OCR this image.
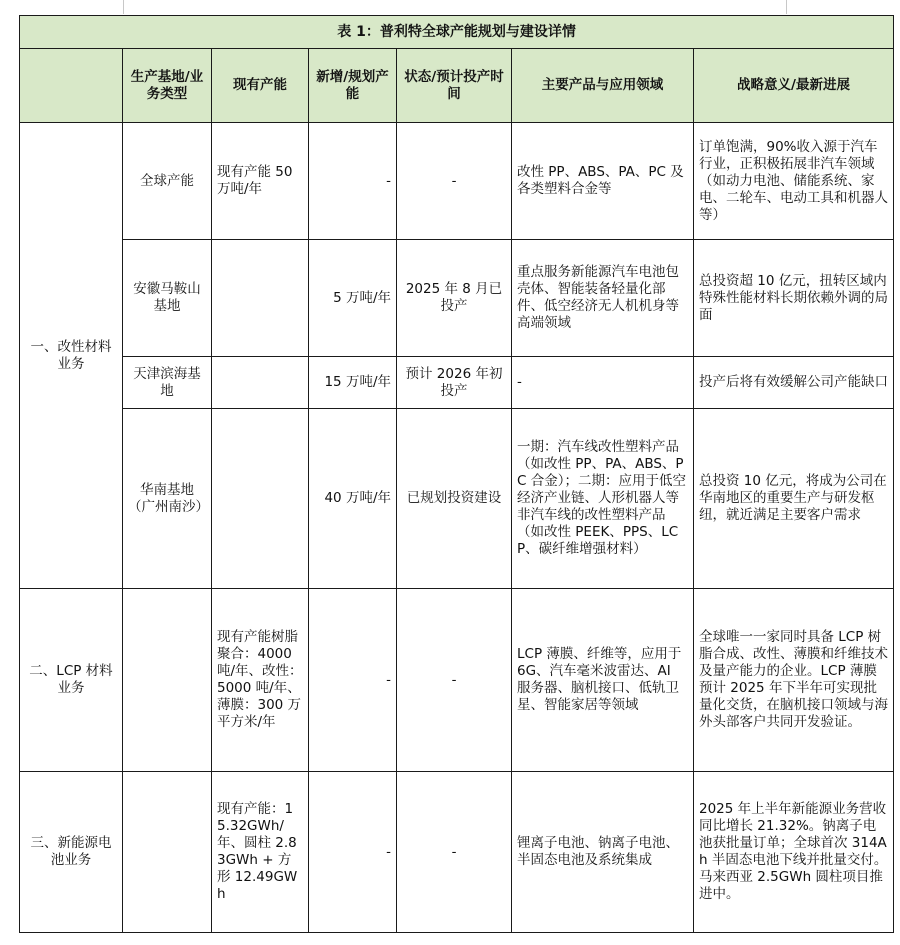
表 1：普利特全球产能规划与建设详情						
	生产基地/业务类型	现有产能	新增/规划产能	状态/预计投产时间	主要产品与应用领域	战略意义/最新进展
一、改性材料业务	全球产能	现有产能 50 万吨/年	-	-	改性 PP、ABS、PA、PC 及各类塑料合金等	订单饱满，90%收入源于汽车行业，正积极拓展非汽车领域（如动力电池、储能系统、家电、二轮车、电动工具和机器人等）
	安徽马鞍山基地		5 万吨/年	2025 年 8 月已投产	重点服务新能源汽车电池包壳体、智能装备轻量化部件、低空经济无人机机身等高端领域	总投资超 10 亿元，扭转区域内特殊性能材料长期依赖外调的局面
	天津滨海基地		15 万吨/年	预计 2026 年初投产	-	投产后将有效缓解公司产能缺口
	华南基地（广州南沙）		40 万吨/年	已规划投资建设	一期：汽车线改性塑料产品（如改性 PP、PA、ABS、PC 合金）；二期：应用于低空经济产业链、人形机器人等非汽车线的改性塑料产品（如改性 PEEK、PPS、LCP、碳纤维增强材料）	总投资 10 亿元，将成为公司在华南地区的重要生产与研发枢纽，就近满足主要客户需求
二、LCP 材料业务		现有产能树脂聚合：4000 吨/年、改性：5000 吨/年、薄膜：300 万平方米/年	-	-	LCP 薄膜、纤维等，应用于 6G、汽车毫米波雷达、AI 服务器、脑机接口、低轨卫星、智能家居等领域	全球唯一一家同时具备 LCP 树脂合成、改性、薄膜和纤维技术及量产能力的企业。LCP 薄膜预计 2025 年下半年可实现批量化交货，在脑机接口领域与海外头部客户共同开发验证。
三、新能源电池业务		现有产能：15.32GWh/年、圆柱 2.83GWh + 方形 12.49GWh	-	-	锂离子电池、钠离子电池、半固态电池及系统集成	2025 年上半年新能源业务营收同比增长 21.32%。钠离子电池获批量订单；全球首次 314Ah 半固态电池下线并批量交付。马来西亚 2.5GWh 圆柱项目推进中。
